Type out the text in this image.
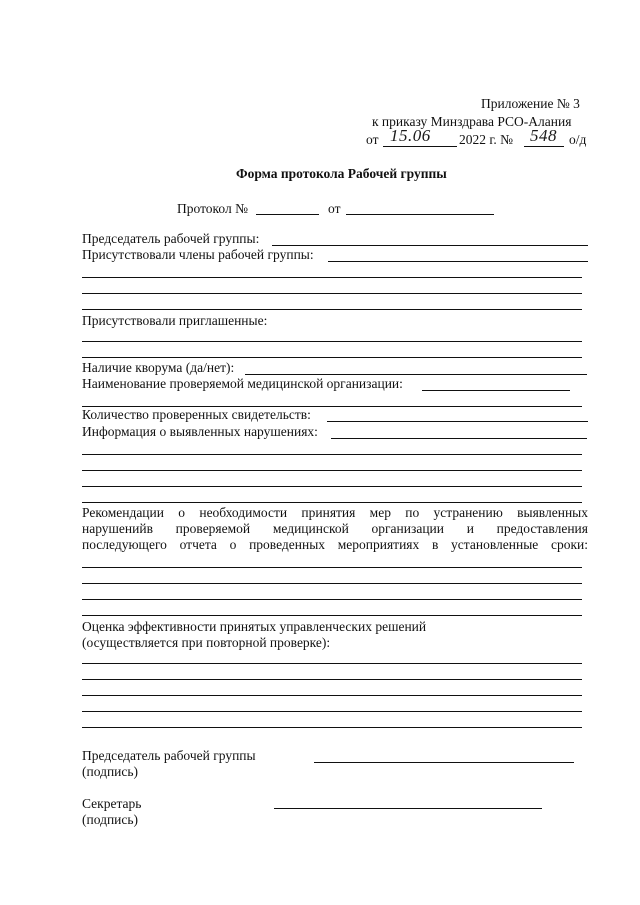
Приложение № 3
к приказу Минздрава РСО-Алания
от 15.06 2022 г. № 548 о/д
Форма протокола Рабочей группы
Протокол №	от
Председатель рабочей группы:
Присутствовали члены рабочей группы:
Присутствовали приглашенные:
Наличие кворума (да/нет):
Наименование проверяемой медицинской организации:
Количество проверенных свидетельств:
Информация о выявленных нарушениях:
Рекомендации о необходимости принятия мер по устранению выявленных
нарушенийв проверяемой медицинской организации и предоставления
последующего отчета о проведенных мероприятиях в установленные сроки:
Оценка эффективности принятых управленческих решений
(осуществляется при повторной проверке):
Председатель рабочей группы
(подпись)
Секретарь
(подпись)
